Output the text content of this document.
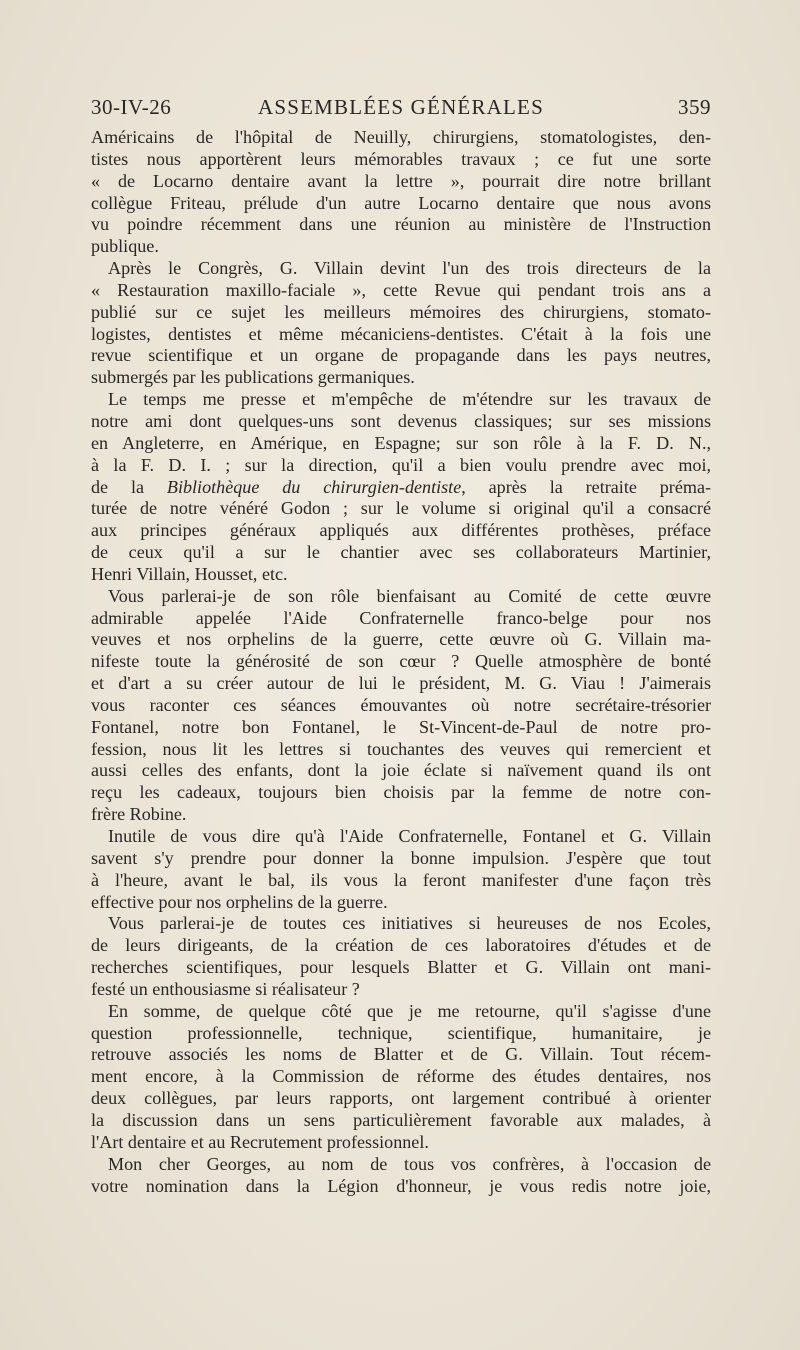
30-IV-26	ASSEMBLÉES GÉNÉRALES	359
Américains de l'hôpital de Neuilly, chirurgiens, stomatologistes, den-
tistes nous apportèrent leurs mémorables travaux ; ce fut une sorte
« de Locarno dentaire avant la lettre », pourrait dire notre brillant
collègue Friteau, prélude d'un autre Locarno dentaire que nous avons
vu poindre récemment dans une réunion au ministère de l'Instruction
publique.
Après le Congrès, G. Villain devint l'un des trois directeurs de la
« Restauration maxillo-faciale », cette Revue qui pendant trois ans a
publié sur ce sujet les meilleurs mémoires des chirurgiens, stomato-
logistes, dentistes et même mécaniciens-dentistes. C'était à la fois une
revue scientifique et un organe de propagande dans les pays neutres,
submergés par les publications germaniques.
Le temps me presse et m'empêche de m'étendre sur les travaux de
notre ami dont quelques-uns sont devenus classiques; sur ses missions
en Angleterre, en Amérique, en Espagne; sur son rôle à la F. D. N.,
à la F. D. I. ; sur la direction, qu'il a bien voulu prendre avec moi,
de la Bibliothèque du chirurgien-dentiste, après la retraite préma-
turée de notre vénéré Godon ; sur le volume si original qu'il a consacré
aux principes généraux appliqués aux différentes prothèses, préface
de ceux qu'il a sur le chantier avec ses collaborateurs Martinier,
Henri Villain, Housset, etc.
Vous parlerai-je de son rôle bienfaisant au Comité de cette œuvre
admirable appelée l'Aide Confraternelle franco-belge pour nos
veuves et nos orphelins de la guerre, cette œuvre où G. Villain ma-
nifeste toute la générosité de son cœur ? Quelle atmosphère de bonté
et d'art a su créer autour de lui le président, M. G. Viau ! J'aimerais
vous raconter ces séances émouvantes où notre secrétaire-trésorier
Fontanel, notre bon Fontanel, le St-Vincent-de-Paul de notre pro-
fession, nous lit les lettres si touchantes des veuves qui remercient et
aussi celles des enfants, dont la joie éclate si naïvement quand ils ont
reçu les cadeaux, toujours bien choisis par la femme de notre con-
frère Robine.
Inutile de vous dire qu'à l'Aide Confraternelle, Fontanel et G. Villain
savent s'y prendre pour donner la bonne impulsion. J'espère que tout
à l'heure, avant le bal, ils vous la feront manifester d'une façon très
effective pour nos orphelins de la guerre.
Vous parlerai-je de toutes ces initiatives si heureuses de nos Ecoles,
de leurs dirigeants, de la création de ces laboratoires d'études et de
recherches scientifiques, pour lesquels Blatter et G. Villain ont mani-
festé un enthousiasme si réalisateur ?
En somme, de quelque côté que je me retourne, qu'il s'agisse d'une
question professionnelle, technique, scientifique, humanitaire, je
retrouve associés les noms de Blatter et de G. Villain. Tout récem-
ment encore, à la Commission de réforme des études dentaires, nos
deux collègues, par leurs rapports, ont largement contribué à orienter
la discussion dans un sens particulièrement favorable aux malades, à
l'Art dentaire et au Recrutement professionnel.
Mon cher Georges, au nom de tous vos confrères, à l'occasion de
votre nomination dans la Légion d'honneur, je vous redis notre joie,
